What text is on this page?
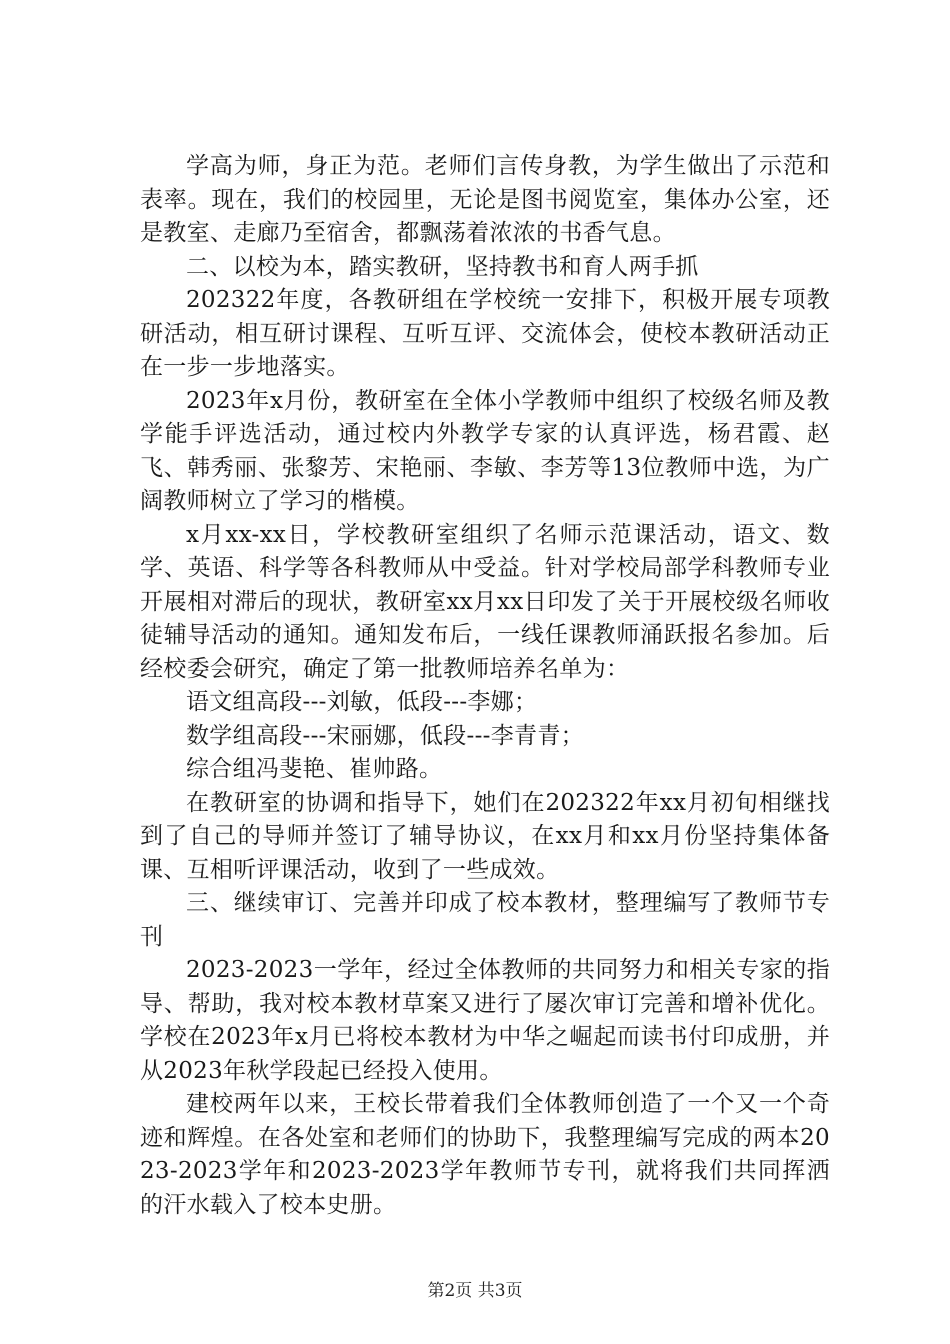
学高为师，身正为范。老师们言传身教，为学生做出了示范和表率。现在，我们的校园里，无论是图书阅览室，集体办公室，还是教室、走廊乃至宿舍，都飘荡着浓浓的书香气息。

二、以校为本，踏实教研，坚持教书和育人两手抓

202322年度，各教研组在学校统一安排下，积极开展专项教研活动，相互研讨课程、互听互评、交流体会，使校本教研活动正在一步一步地落实。

2023年x月份，教研室在全体小学教师中组织了校级名师及教学能手评选活动，通过校内外教学专家的认真评选，杨君霞、赵飞、韩秀丽、张黎芳、宋艳丽、李敏、李芳等13位教师中选，为广阔教师树立了学习的楷模。

x月xx-xx日，学校教研室组织了名师示范课活动，语文、数学、英语、科学等各科教师从中受益。针对学校局部学科教师专业开展相对滞后的现状，教研室xx月xx日印发了关于开展校级名师收徒辅导活动的通知。通知发布后，一线任课教师涌跃报名参加。后经校委会研究，确定了第一批教师培养名单为：

语文组高段---刘敏，低段---李娜；

数学组高段---宋丽娜，低段---李青青；

综合组冯斐艳、崔帅路。

在教研室的协调和指导下，她们在202322年xx月初旬相继找到了自己的导师并签订了辅导协议，在xx月和xx月份坚持集体备课、互相听评课活动，收到了一些成效。

三、继续审订、完善并印成了校本教材，整理编写了教师节专刊

2023-2023一学年，经过全体教师的共同努力和相关专家的指导、帮助，我对校本教材草案又进行了屡次审订完善和增补优化。学校在2023年x月已将校本教材为中华之崛起而读书付印成册，并从2023年秋学段起已经投入使用。

建校两年以来，王校长带着我们全体教师创造了一个又一个奇迹和辉煌。在各处室和老师们的协助下，我整理编写完成的两本2023-2023学年和2023-2023学年教师节专刊，就将我们共同挥洒的汗水载入了校本史册。

第2页 共3页
